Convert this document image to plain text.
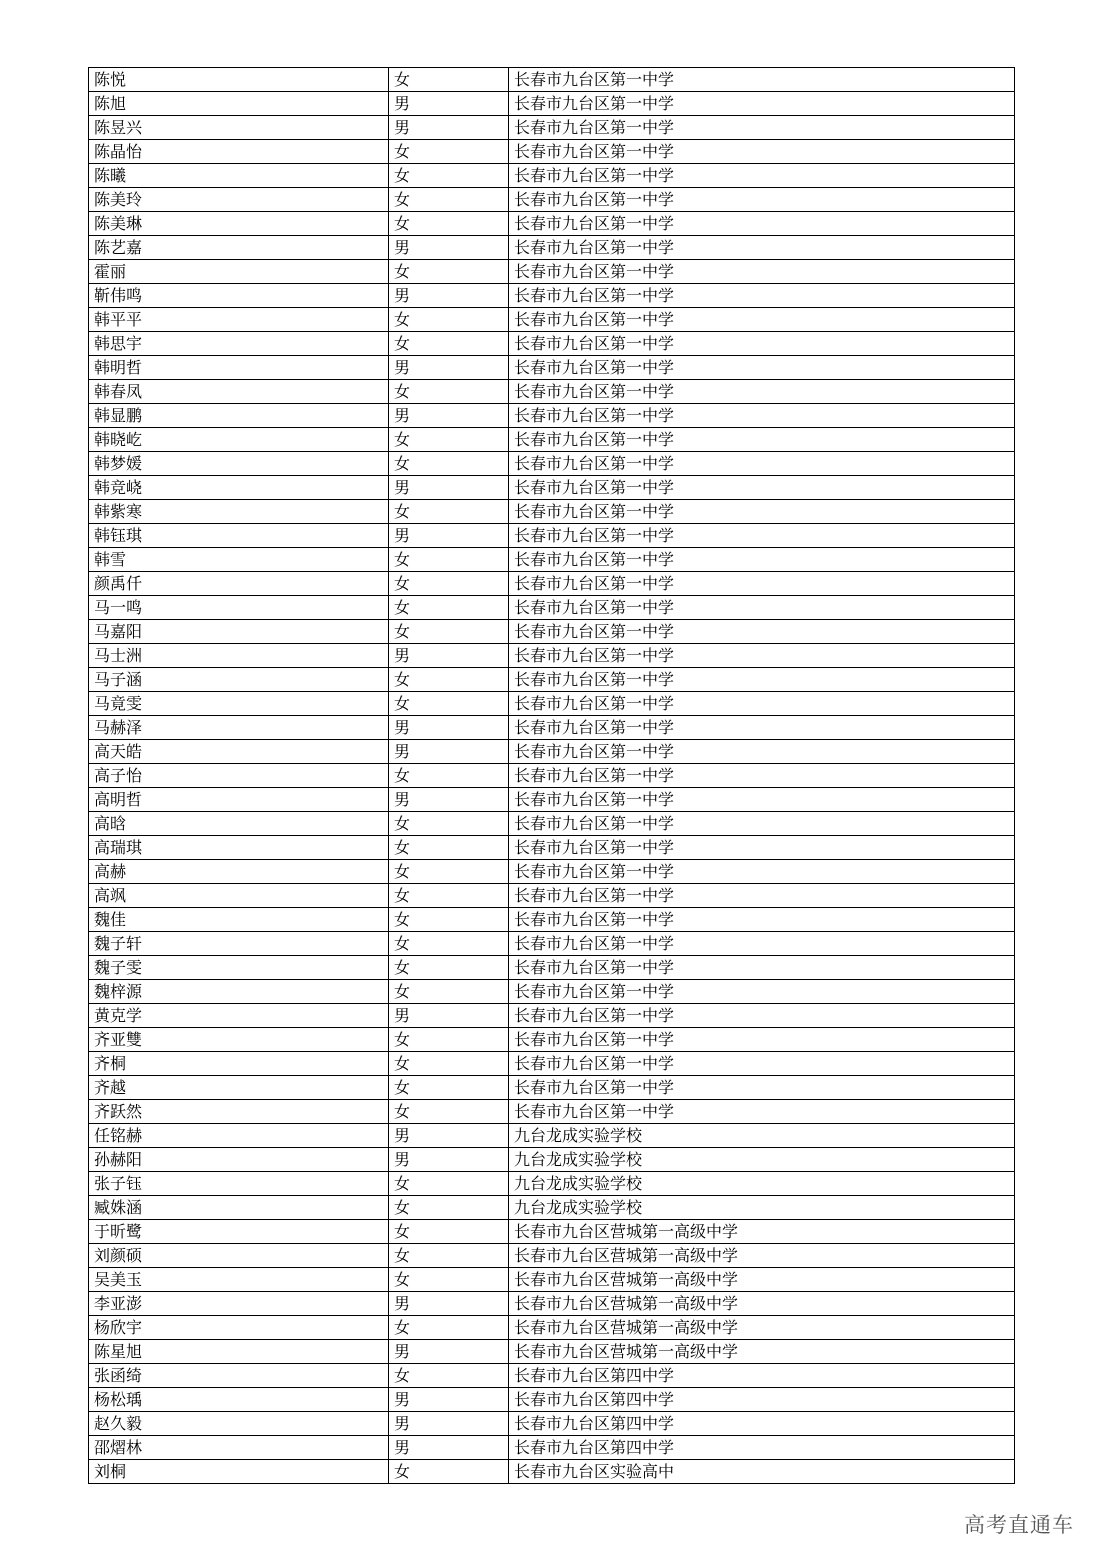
陈悦	女	长春市九台区第一中学
陈旭	男	长春市九台区第一中学
陈昱兴	男	长春市九台区第一中学
陈晶怡	女	长春市九台区第一中学
陈曦	女	长春市九台区第一中学
陈美玲	女	长春市九台区第一中学
陈美琳	女	长春市九台区第一中学
陈艺嘉	男	长春市九台区第一中学
霍丽	女	长春市九台区第一中学
靳伟鸣	男	长春市九台区第一中学
韩平平	女	长春市九台区第一中学
韩思宇	女	长春市九台区第一中学
韩明哲	男	长春市九台区第一中学
韩春凤	女	长春市九台区第一中学
韩显鹏	男	长春市九台区第一中学
韩晓屹	女	长春市九台区第一中学
韩梦媛	女	长春市九台区第一中学
韩竞峣	男	长春市九台区第一中学
韩紫寒	女	长春市九台区第一中学
韩钰琪	男	长春市九台区第一中学
韩雪	女	长春市九台区第一中学
颜禹仟	女	长春市九台区第一中学
马一鸣	女	长春市九台区第一中学
马嘉阳	女	长春市九台区第一中学
马士洲	男	长春市九台区第一中学
马子涵	女	长春市九台区第一中学
马竟雯	女	长春市九台区第一中学
马赫泽	男	长春市九台区第一中学
高天皓	男	长春市九台区第一中学
高子怡	女	长春市九台区第一中学
高明哲	男	长春市九台区第一中学
高晗	女	长春市九台区第一中学
高瑞琪	女	长春市九台区第一中学
高赫	女	长春市九台区第一中学
高飒	女	长春市九台区第一中学
魏佳	女	长春市九台区第一中学
魏子轩	女	长春市九台区第一中学
魏子雯	女	长春市九台区第一中学
魏梓源	女	长春市九台区第一中学
黄克学	男	长春市九台区第一中学
齐亚雙	女	长春市九台区第一中学
齐桐	女	长春市九台区第一中学
齐越	女	长春市九台区第一中学
齐跃然	女	长春市九台区第一中学
任铭赫	男	九台龙成实验学校
孙赫阳	男	九台龙成实验学校
张子钰	女	九台龙成实验学校
臧姝涵	女	九台龙成实验学校
于昕鹭	女	长春市九台区营城第一高级中学
刘颜硕	女	长春市九台区营城第一高级中学
吴美玉	女	长春市九台区营城第一高级中学
李亚澎	男	长春市九台区营城第一高级中学
杨欣宇	女	长春市九台区营城第一高级中学
陈星旭	男	长春市九台区营城第一高级中学
张函绮	女	长春市九台区第四中学
杨松瑀	男	长春市九台区第四中学
赵久毅	男	长春市九台区第四中学
邵熠林	男	长春市九台区第四中学
刘桐	女	长春市九台区实验高中
高考直通车
